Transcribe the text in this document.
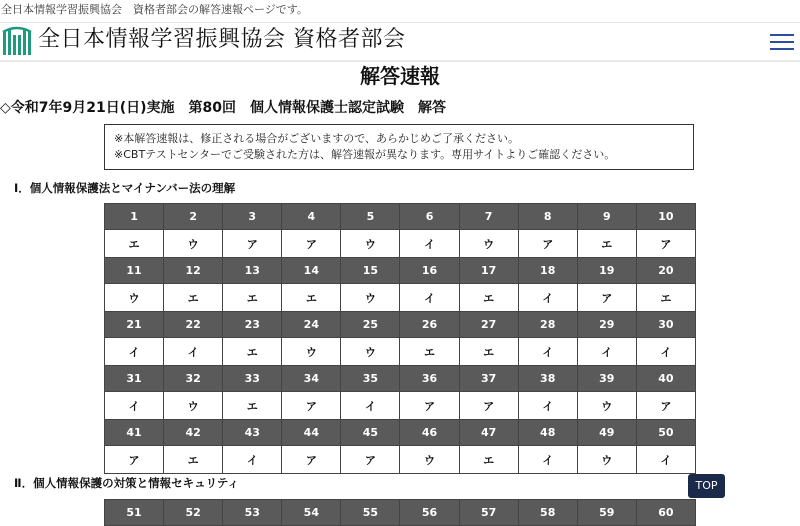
全日本情報学習振興協会　資格者部会の解答速報ページです。
全日本情報学習振興協会 資格者部会
解答速報
◇令和7年9月21日(日)実施　第80回　個人情報保護士認定試験　解答
※本解答速報は、修正される場合がございますので、あらかじめご了承ください。
※CBTテストセンターでご受験された方は、解答速報が異なります。専用サイトよりご確認ください。
Ⅰ．個人情報保護法とマイナンバー法の理解
1	2	3	4	5	6	7	8	9	10
エ	ウ	ア	ア	ウ	イ	ウ	ア	エ	ア
11	12	13	14	15	16	17	18	19	20
ウ	エ	エ	エ	ウ	イ	エ	イ	ア	エ
21	22	23	24	25	26	27	28	29	30
イ	イ	エ	ウ	ウ	エ	エ	イ	イ	イ
31	32	33	34	35	36	37	38	39	40
イ	ウ	エ	ア	イ	ア	ア	イ	ウ	ア
41	42	43	44	45	46	47	48	49	50
ア	エ	イ	ア	ア	ウ	エ	イ	ウ	イ
Ⅱ．個人情報保護の対策と情報セキュリティ
51	52	53	54	55	56	57	58	59	60
TOP
